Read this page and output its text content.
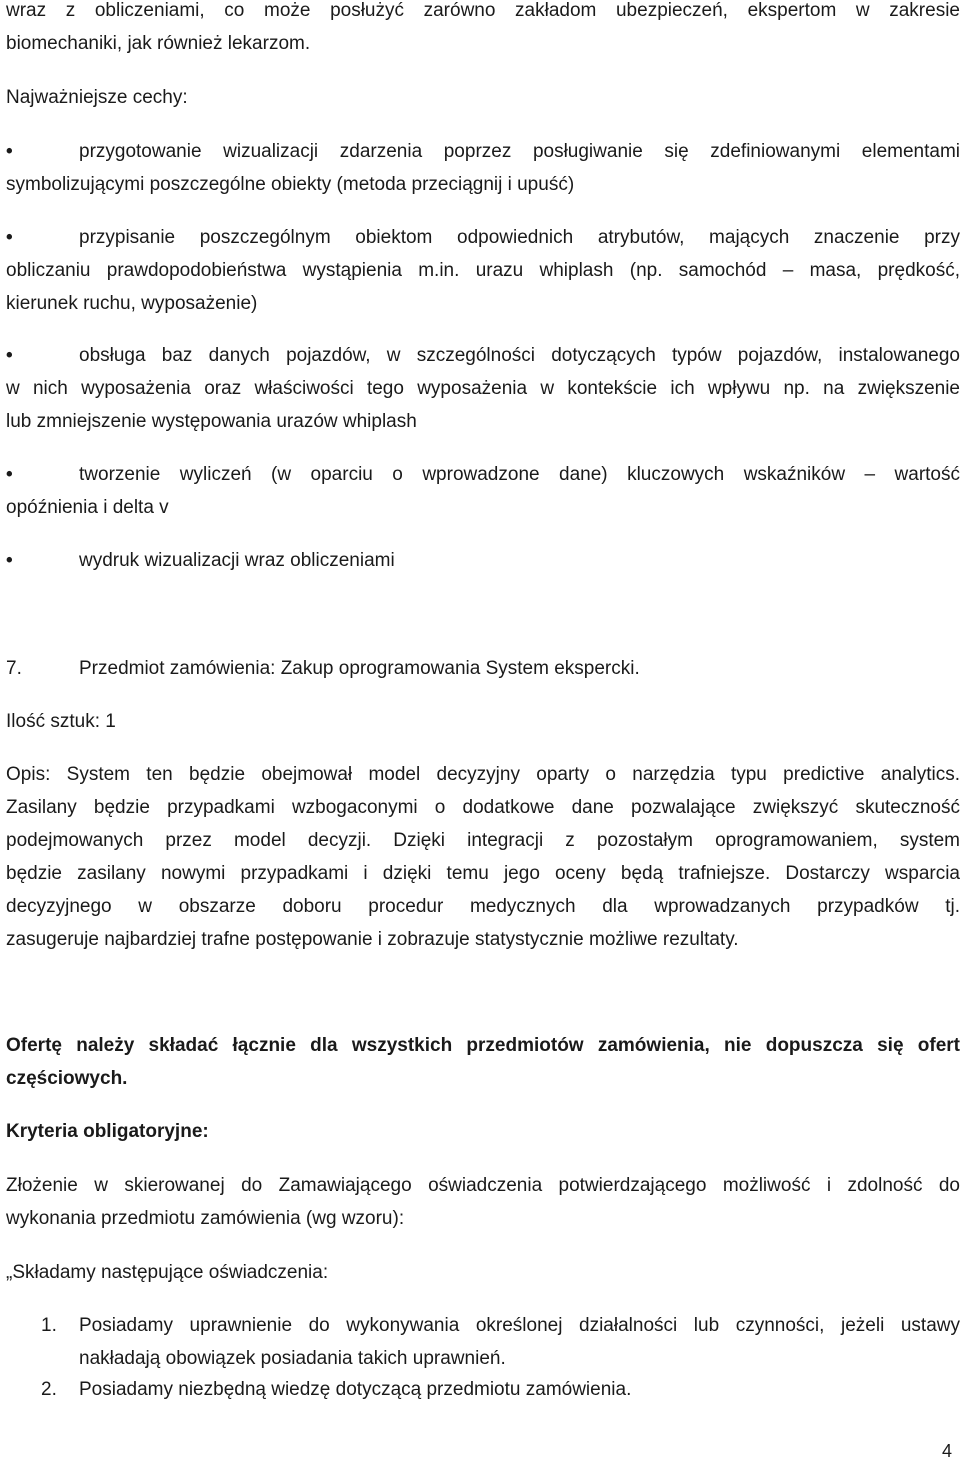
wraz z obliczeniami, co może posłużyć zarówno zakładom ubezpieczeń, ekspertom w zakresie
biomechaniki, jak również lekarzom.
Najważniejsze cechy:
•	przygotowanie wizualizacji zdarzenia poprzez posługiwanie się zdefiniowanymi elementami
symbolizującymi poszczególne obiekty (metoda przeciągnij i upuść)
•	przypisanie poszczególnym obiektom odpowiednich atrybutów, mających znaczenie przy
obliczaniu prawdopodobieństwa wystąpienia m.in. urazu whiplash (np. samochód – masa, prędkość,
kierunek ruchu, wyposażenie)
•	obsługa baz danych pojazdów, w szczególności dotyczących typów pojazdów, instalowanego
w nich wyposażenia oraz właściwości tego wyposażenia w kontekście ich wpływu np. na zwiększenie
lub zmniejszenie występowania urazów whiplash
•	tworzenie wyliczeń (w oparciu o wprowadzone dane) kluczowych wskaźników – wartość
opóźnienia i delta v
•	wydruk wizualizacji wraz obliczeniami
7.	Przedmiot zamówienia: Zakup oprogramowania System ekspercki.
Ilość sztuk: 1
Opis: System ten będzie obejmował model decyzyjny oparty o narzędzia typu predictive analytics.
Zasilany będzie przypadkami wzbogaconymi o dodatkowe dane pozwalające zwiększyć skuteczność
podejmowanych przez model decyzji. Dzięki integracji z pozostałym oprogramowaniem, system
będzie zasilany nowymi przypadkami i dzięki temu jego oceny będą trafniejsze. Dostarczy wsparcia
decyzyjnego w obszarze doboru procedur medycznych dla wprowadzanych przypadków tj.
zasugeruje najbardziej trafne postępowanie i zobrazuje statystycznie możliwe rezultaty.
Ofertę należy składać łącznie dla wszystkich przedmiotów zamówienia, nie dopuszcza się ofert
częściowych.
Kryteria obligatoryjne:
Złożenie w skierowanej do Zamawiającego oświadczenia potwierdzającego możliwość i zdolność do
wykonania przedmiotu zamówienia (wg wzoru):
„Składamy następujące oświadczenia:
1. Posiadamy uprawnienie do wykonywania określonej działalności lub czynności, jeżeli ustawy
nakładają obowiązek posiadania takich uprawnień.
2. Posiadamy niezbędną wiedzę dotyczącą przedmiotu zamówienia.
4
